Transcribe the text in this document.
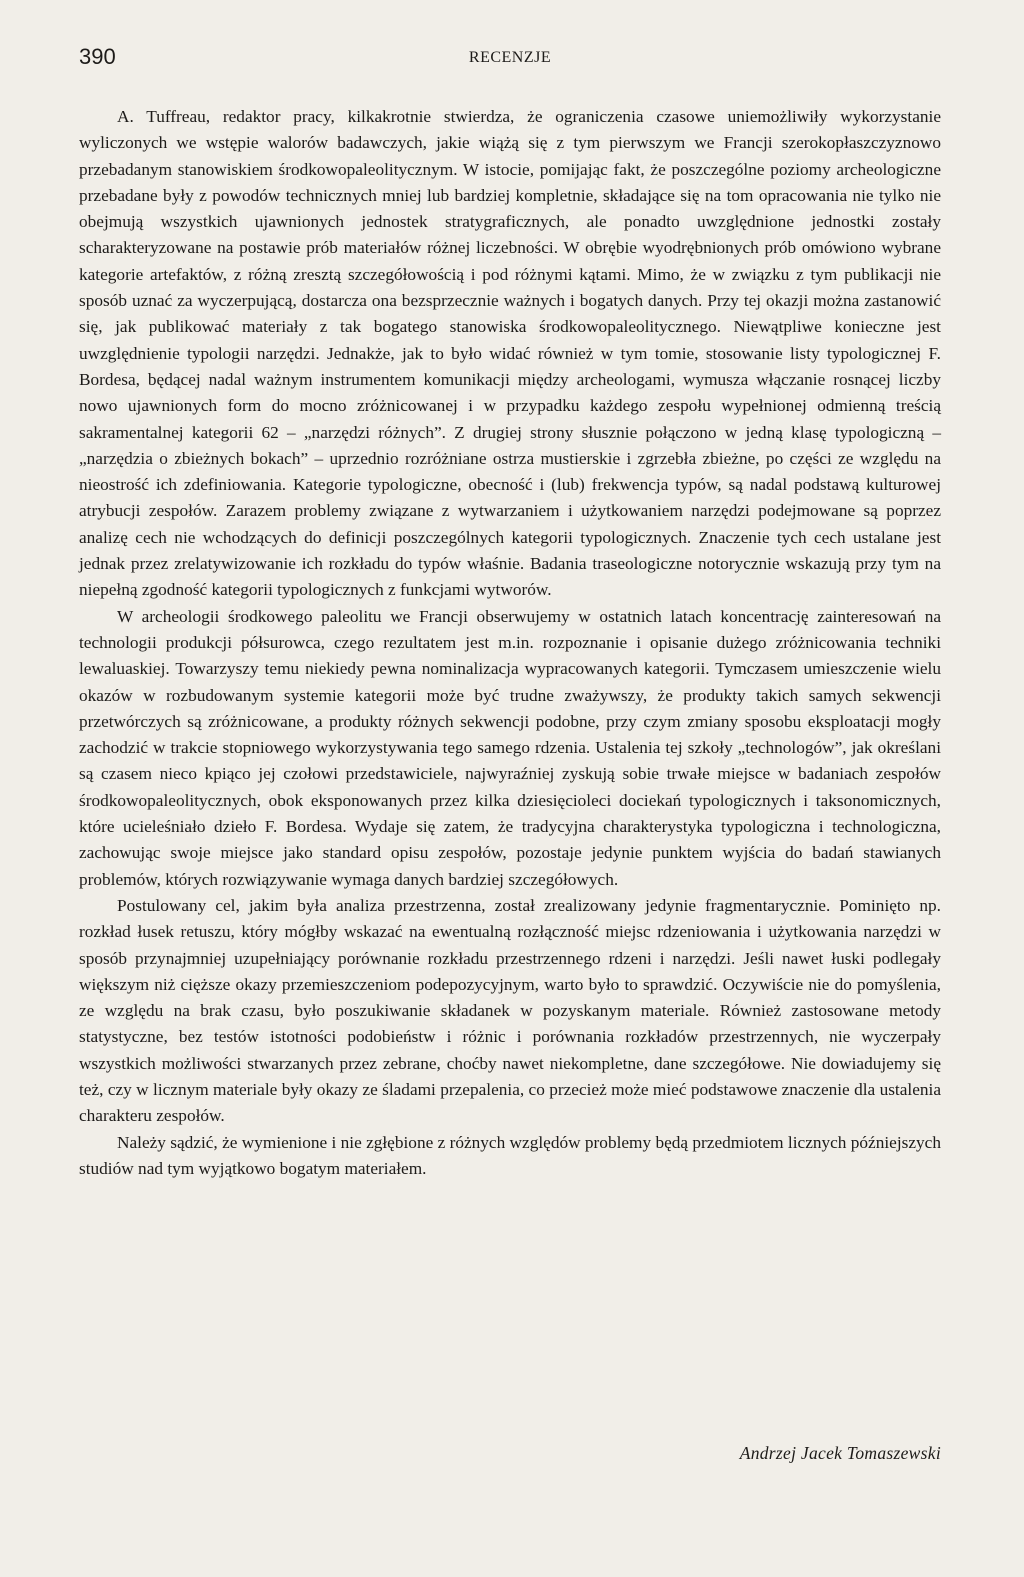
390	RECENZJE

A. Tuffreau, redaktor pracy, kilkakrotnie stwierdza, że ograniczenia czasowe uniemożliwiły wykorzystanie wyliczonych we wstępie walorów badawczych, jakie wiążą się z tym pierwszym we Francji szerokopłaszczyznowo przebadanym stanowiskiem środkowopaleolitycznym. W istocie, pomijając fakt, że poszczególne poziomy archeologiczne przebadane były z powodów technicznych mniej lub bardziej kompletnie, składające się na tom opracowania nie tylko nie obejmują wszystkich ujawnionych jednostek stratygraficznych, ale ponadto uwzględnione jednostki zostały scharakteryzowane na postawie prób materiałów różnej liczebności. W obrębie wyodrębnionych prób omówiono wybrane kategorie artefaktów, z różną zresztą szczegółowością i pod różnymi kątami. Mimo, że w związku z tym publikacji nie sposób uznać za wyczerpującą, dostarcza ona bezsprzecznie ważnych i bogatych danych. Przy tej okazji można zastanowić się, jak publikować materiały z tak bogatego stanowiska środkowopaleolitycznego. Niewątpliwe konieczne jest uwzględnienie typologii narzędzi. Jednakże, jak to było widać również w tym tomie, stosowanie listy typologicznej F. Bordesa, będącej nadal ważnym instrumentem komunikacji między archeologami, wymusza włączanie rosnącej liczby nowo ujawnionych form do mocno zróżnicowanej i w przypadku każdego zespołu wypełnionej odmienną treścią sakramentalnej kategorii 62 – „narzędzi różnych”. Z drugiej strony słusznie połączono w jedną klasę typologiczną – „narzędzia o zbieżnych bokach” – uprzednio rozróżniane ostrza mustierskie i zgrzebła zbieżne, po części ze względu na nieostrość ich zdefiniowania. Kategorie typologiczne, obecność i (lub) frekwencja typów, są nadal podstawą kulturowej atrybucji zespołów. Zarazem problemy związane z wytwarzaniem i użytkowaniem narzędzi podejmowane są poprzez analizę cech nie wchodzących do definicji poszczególnych kategorii typologicznych. Znaczenie tych cech ustalane jest jednak przez zrelatywizowanie ich rozkładu do typów właśnie. Badania traseologiczne notorycznie wskazują przy tym na niepełną zgodność kategorii typologicznych z funkcjami wytworów.

W archeologii środkowego paleolitu we Francji obserwujemy w ostatnich latach koncentrację zainteresowań na technologii produkcji półsurowca, czego rezultatem jest m.in. rozpoznanie i opisanie dużego zróżnicowania techniki lewaluaskiej. Towarzyszy temu niekiedy pewna nominalizacja wypracowanych kategorii. Tymczasem umieszczenie wielu okazów w rozbudowanym systemie kategorii może być trudne zważywszy, że produkty takich samych sekwencji przetwórczych są zróżnicowane, a produkty różnych sekwencji podobne, przy czym zmiany sposobu eksploatacji mogły zachodzić w trakcie stopniowego wykorzystywania tego samego rdzenia. Ustalenia tej szkoły „technologów”, jak określani są czasem nieco kpiąco jej czołowi przedstawiciele, najwyraźniej zyskują sobie trwałe miejsce w badaniach zespołów środkowopaleolitycznych, obok eksponowanych przez kilka dziesięcioleci dociekań typologicznych i taksonomicznych, które ucieleśniało dzieło F. Bordesa. Wydaje się zatem, że tradycyjna charakterystyka typologiczna i technologiczna, zachowując swoje miejsce jako standard opisu zespołów, pozostaje jedynie punktem wyjścia do badań stawianych problemów, których rozwiązywanie wymaga danych bardziej szczegółowych.

Postulowany cel, jakim była analiza przestrzenna, został zrealizowany jedynie fragmentarycznie. Pominięto np. rozkład łusek retuszu, który mógłby wskazać na ewentualną rozłączność miejsc rdzeniowania i użytkowania narzędzi w sposób przynajmniej uzupełniający porównanie rozkładu przestrzennego rdzeni i narzędzi. Jeśli nawet łuski podlegały większym niż cięższe okazy przemieszczeniom podepozycyjnym, warto było to sprawdzić. Oczywiście nie do pomyślenia, ze względu na brak czasu, było poszukiwanie składanek w pozyskanym materiale. Również zastosowane metody statystyczne, bez testów istotności podobieństw i różnic i porównania rozkładów przestrzennych, nie wyczerpały wszystkich możliwości stwarzanych przez zebrane, choćby nawet niekompletne, dane szczegółowe. Nie dowiadujemy się też, czy w licznym materiale były okazy ze śladami przepalenia, co przecież może mieć podstawowe znaczenie dla ustalenia charakteru zespołów.

Należy sądzić, że wymienione i nie zgłębione z różnych względów problemy będą przedmiotem licznych późniejszych studiów nad tym wyjątkowo bogatym materiałem.

Andrzej Jacek Tomaszewski
